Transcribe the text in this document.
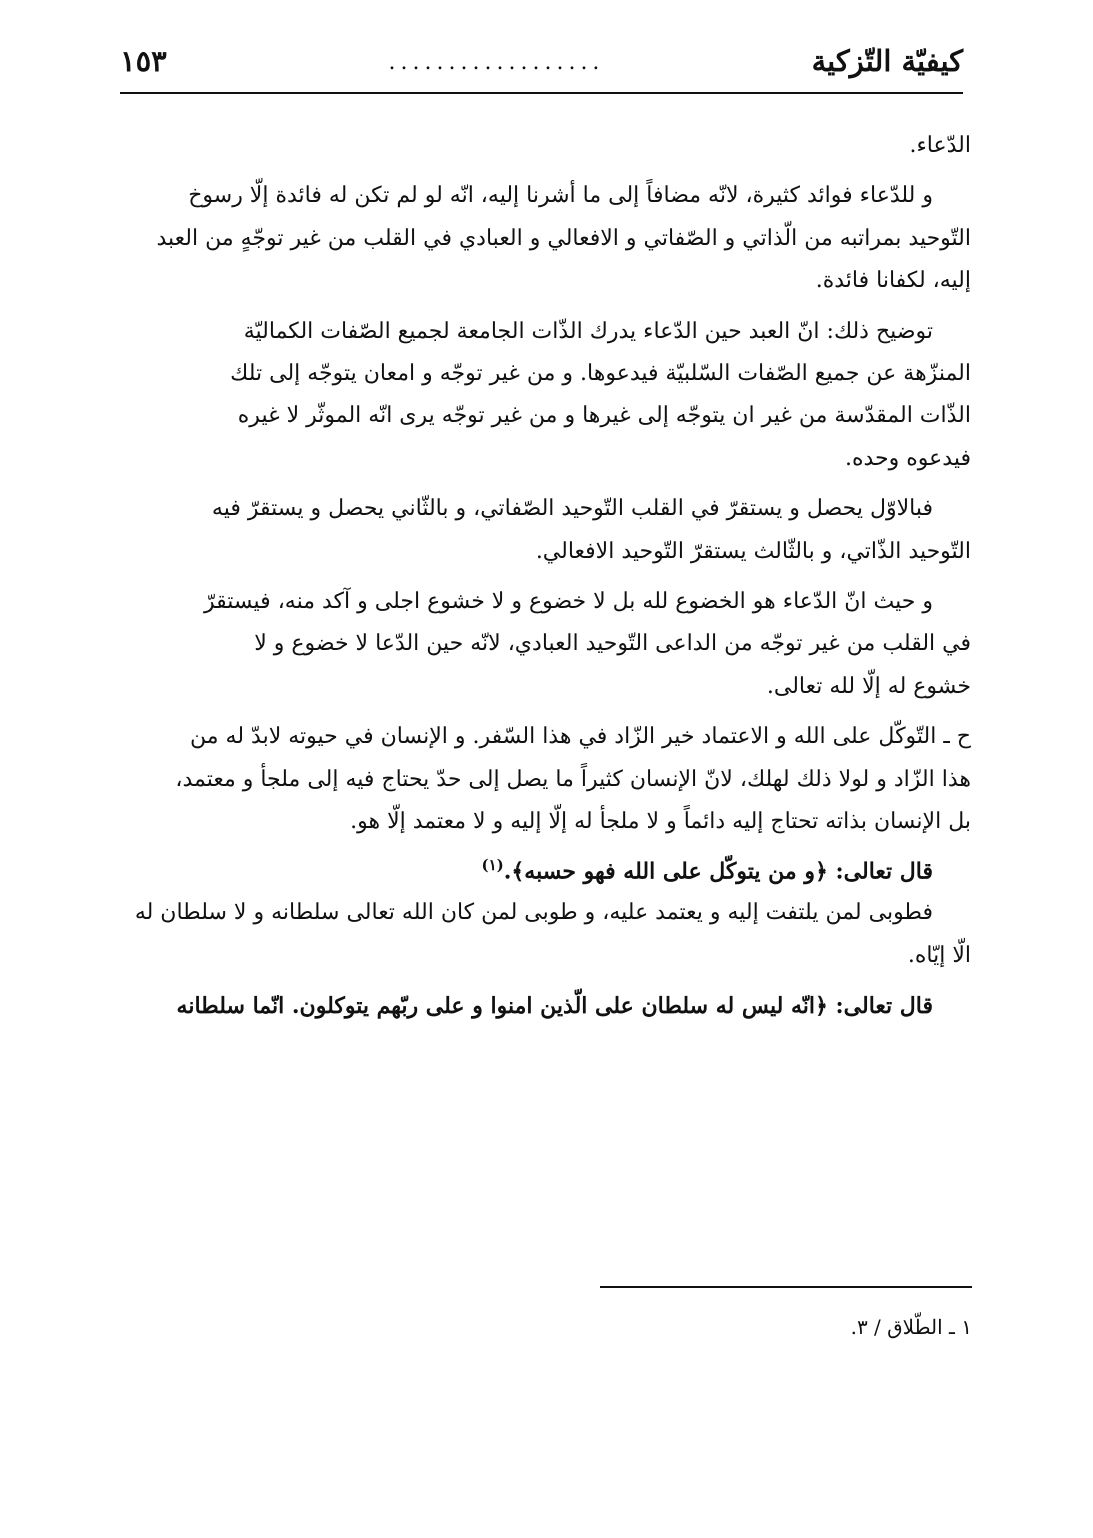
كيفيّة التّزكية
..................
١٥٣
الدّعاء.
و للدّعاء فوائد كثيرة، لانّه مضافاً إلى ما أشرنا إليه، انّه لو لم تكن له فائدة إلّا رسوخ
التّوحيد بمراتبه من الّذاتي و الصّفاتي و الافعالي و العبادي في القلب من غير توجّهٍ من العبد
إليه، لكفانا فائدة.
توضيح ذلك: انّ العبد حين الدّعاء يدرك الذّات الجامعة لجميع الصّفات الكماليّة
المنزّهة عن جميع الصّفات السّلبيّة فيدعوها. و من غير توجّه و امعان يتوجّه إلى تلك
الذّات المقدّسة من غير ان يتوجّه إلى غيرها و من غير توجّه يرى انّه الموثّر لا غيره
فيدعوه وحده.
فبالاوّل يحصل و يستقرّ في القلب التّوحيد الصّفاتي، و بالثّاني يحصل و يستقرّ فيه
التّوحيد الذّاتي، و بالثّالث يستقرّ التّوحيد الافعالي.
و حيث انّ الدّعاء هو الخضوع لله بل لا خضوع و لا خشوع اجلى و آكد منه، فيستقرّ
في القلب من غير توجّه من الداعى التّوحيد العبادي، لانّه حين الدّعا لا خضوع و لا
خشوع له إلّا لله تعالى.
ح ـ التّوكّل على الله و الاعتماد خير الزّاد في هذا السّفر. و الإنسان في حيوته لابدّ له من
هذا الزّاد و لولا ذلك لهلك، لانّ الإنسان كثيراً ما يصل إلى حدّ يحتاج فيه إلى ملجأ و معتمد،
بل الإنسان بذاته تحتاج إليه دائماً و لا ملجأ له إلّا إليه و لا معتمد إلّا هو.
قال تعالى: ﴿و من يتوكّل على الله فهو حسبه﴾.$^{(١)}$
فطوبى لمن يلتفت إليه و يعتمد عليه، و طوبى لمن كان الله تعالى سلطانه و لا سلطان له
الّا إيّاه.
قال تعالى: ﴿انّه ليس له سلطان على الّذين امنوا و على ربّهم يتوكلون. انّما سلطانه
١ ـ الطّلاق / ٣.
